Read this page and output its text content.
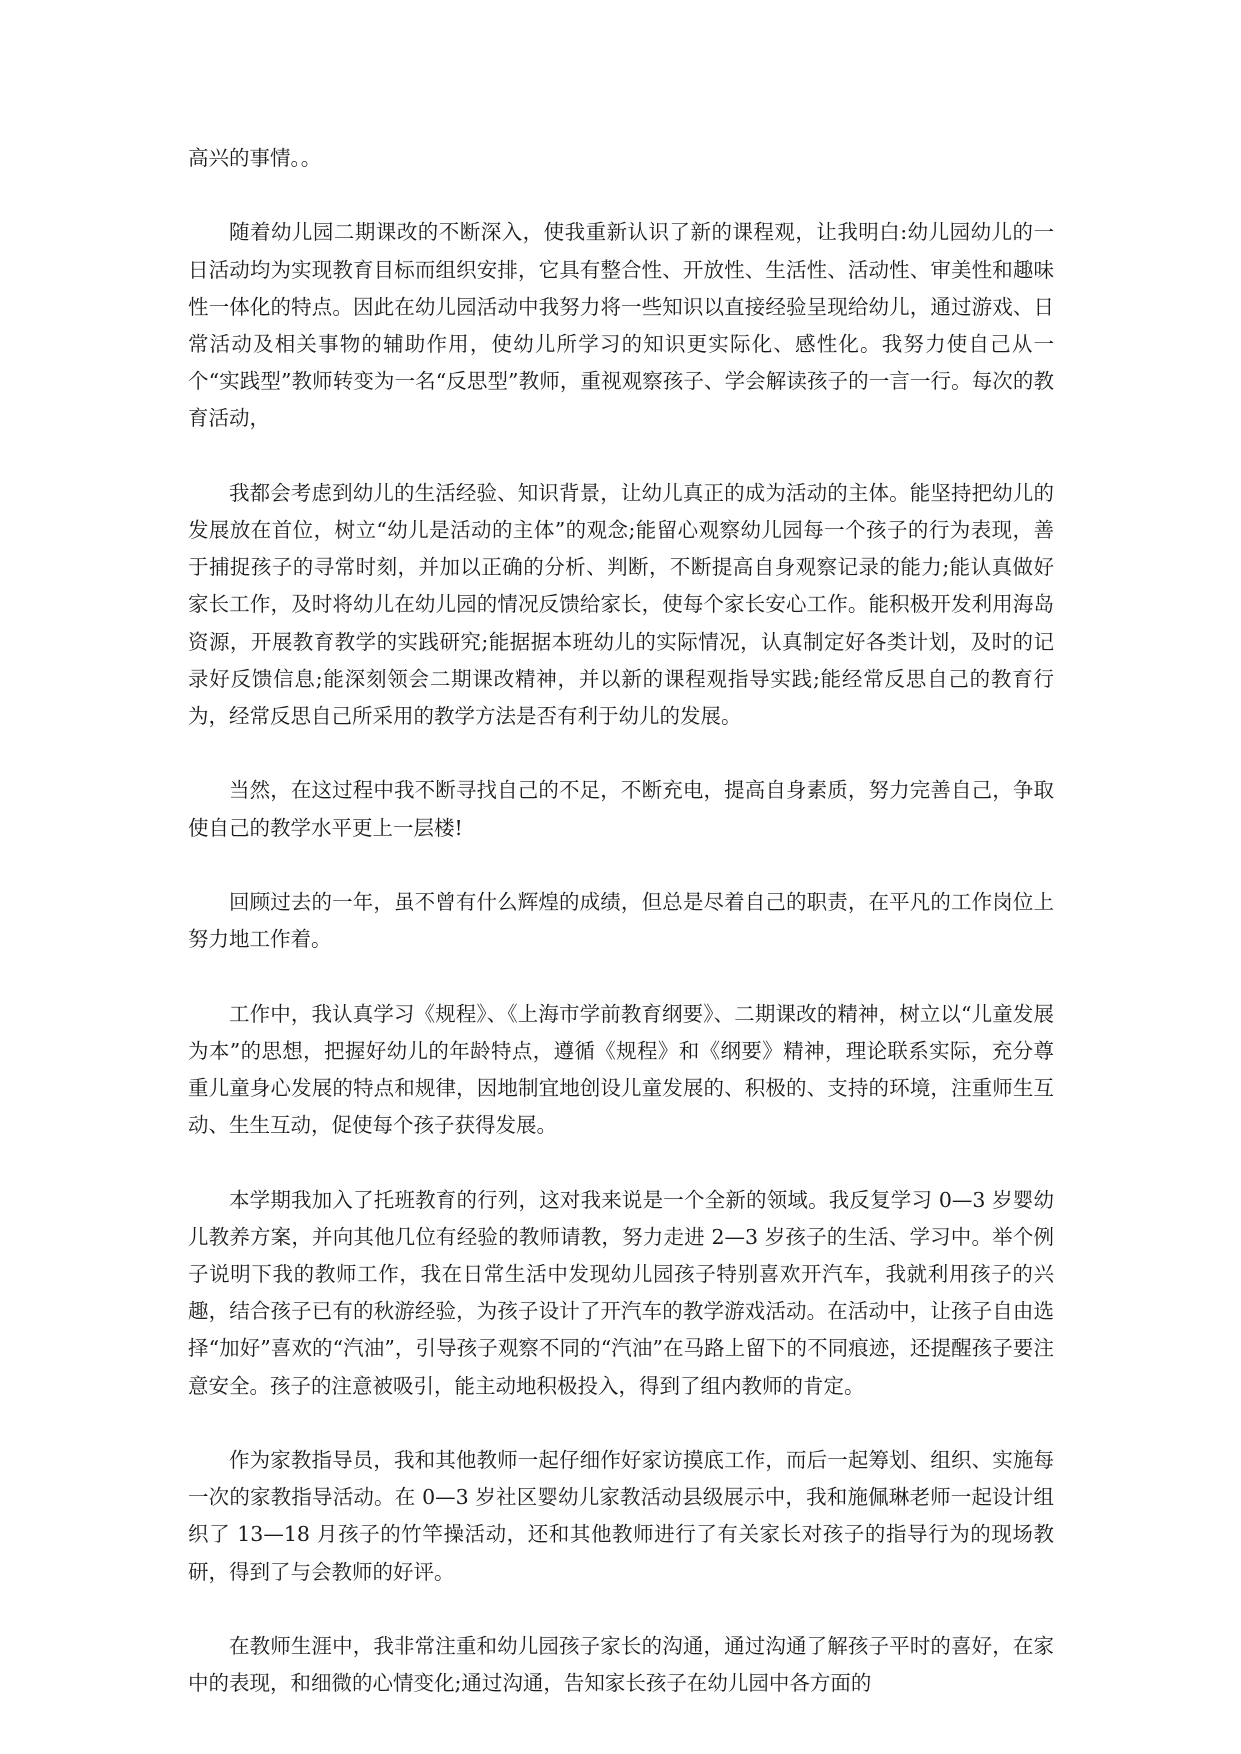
高兴的事情。。

随着幼儿园二期课改的不断深入，使我重新认识了新的课程观，让我明白:幼儿园幼儿的一日活动均为实现教育目标而组织安排，它具有整合性、开放性、生活性、活动性、审美性和趣味性一体化的特点。因此在幼儿园活动中我努力将一些知识以直接经验呈现给幼儿，通过游戏、日常活动及相关事物的辅助作用，使幼儿所学习的知识更实际化、感性化。我努力使自己从一个“实践型”教师转变为一名“反思型”教师，重视观察孩子、学会解读孩子的一言一行。每次的教育活动，

我都会考虑到幼儿的生活经验、知识背景，让幼儿真正的成为活动的主体。能坚持把幼儿的发展放在首位，树立“幼儿是活动的主体”的观念;能留心观察幼儿园每一个孩子的行为表现，善于捕捉孩子的寻常时刻，并加以正确的分析、判断，不断提高自身观察记录的能力;能认真做好家长工作，及时将幼儿在幼儿园的情况反馈给家长，使每个家长安心工作。能积极开发利用海岛资源，开展教育教学的实践研究;能据据本班幼儿的实际情况，认真制定好各类计划，及时的记录好反馈信息;能深刻领会二期课改精神，并以新的课程观指导实践;能经常反思自己的教育行为，经常反思自己所采用的教学方法是否有利于幼儿的发展。

当然，在这过程中我不断寻找自己的不足，不断充电，提高自身素质，努力完善自己，争取使自己的教学水平更上一层楼!

回顾过去的一年，虽不曾有什么辉煌的成绩，但总是尽着自己的职责，在平凡的工作岗位上努力地工作着。

工作中，我认真学习《规程》、《上海市学前教育纲要》、二期课改的精神，树立以“儿童发展为本”的思想，把握好幼儿的年龄特点，遵循《规程》和《纲要》精神，理论联系实际，充分尊重儿童身心发展的特点和规律，因地制宜地创设儿童发展的、积极的、支持的环境，注重师生互动、生生互动，促使每个孩子获得发展。

本学期我加入了托班教育的行列，这对我来说是一个全新的领域。我反复学习 0—3 岁婴幼儿教养方案，并向其他几位有经验的教师请教，努力走进 2—3 岁孩子的生活、学习中。举个例子说明下我的教师工作，我在日常生活中发现幼儿园孩子特别喜欢开汽车，我就利用孩子的兴趣，结合孩子已有的秋游经验，为孩子设计了开汽车的教学游戏活动。在活动中，让孩子自由选择“加好”喜欢的“汽油”，引导孩子观察不同的“汽油”在马路上留下的不同痕迹，还提醒孩子要注意安全。孩子的注意被吸引，能主动地积极投入，得到了组内教师的肯定。

作为家教指导员，我和其他教师一起仔细作好家访摸底工作，而后一起筹划、组织、实施每一次的家教指导活动。在 0—3 岁社区婴幼儿家教活动县级展示中，我和施佩琳老师一起设计组织了 13—18 月孩子的竹竿操活动，还和其他教师进行了有关家长对孩子的指导行为的现场教研，得到了与会教师的好评。

在教师生涯中，我非常注重和幼儿园孩子家长的沟通，通过沟通了解孩子平时的喜好，在家中的表现，和细微的心情变化;通过沟通，告知家长孩子在幼儿园中各方面的
